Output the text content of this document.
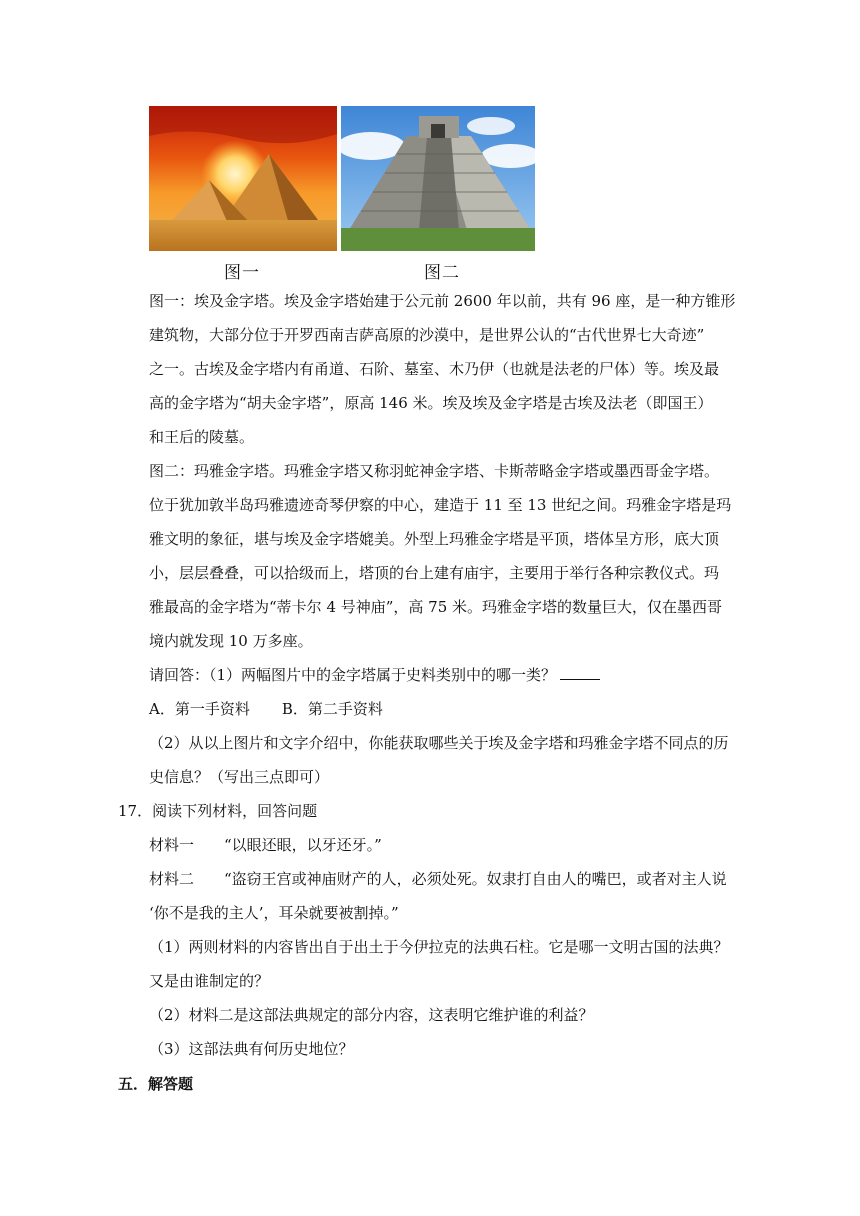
图一	图二
图一：埃及金字塔。埃及金字塔始建于公元前 2600 年以前，共有 96 座，是一种方锥形
建筑物，大部分位于开罗西南吉萨高原的沙漠中，是世界公认的“古代世界七大奇迹”
之一。古埃及金字塔内有甬道、石阶、墓室、木乃伊（也就是法老的尸体）等。埃及最
高的金字塔为“胡夫金字塔”，原高 146 米。埃及埃及金字塔是古埃及法老（即国王）
和王后的陵墓。
图二：玛雅金字塔。玛雅金字塔又称羽蛇神金字塔、卡斯蒂略金字塔或墨西哥金字塔。
位于犹加敦半岛玛雅遗迹奇琴伊察的中心，建造于 11 至 13 世纪之间。玛雅金字塔是玛
雅文明的象征，堪与埃及金字塔媲美。外型上玛雅金字塔是平顶，塔体呈方形，底大顶
小，层层叠叠，可以拾级而上，塔顶的台上建有庙宇，主要用于举行各种宗教仪式。玛
雅最高的金字塔为“蒂卡尔 4 号神庙”，高 75 米。玛雅金字塔的数量巨大，仅在墨西哥
境内就发现 10 万多座。
请回答：（1）两幅图片中的金字塔属于史料类别中的哪一类？
A．第一手资料 B．第二手资料
（2）从以上图片和文字介绍中，你能获取哪些关于埃及金字塔和玛雅金字塔不同点的历
史信息？（写出三点即可）
17．阅读下列材料，回答问题
材料一　　“以眼还眼，以牙还牙。”
材料二　　“盗窃王宫或神庙财产的人，必须处死。奴隶打自由人的嘴巴，或者对主人说
‘你不是我的主人’，耳朵就要被割掉。”
（1）两则材料的内容皆出自于出土于今伊拉克的法典石柱。它是哪一文明古国的法典？
又是由谁制定的？
（2）材料二是这部法典规定的部分内容，这表明它维护谁的利益？
（3）这部法典有何历史地位？
五．解答题
